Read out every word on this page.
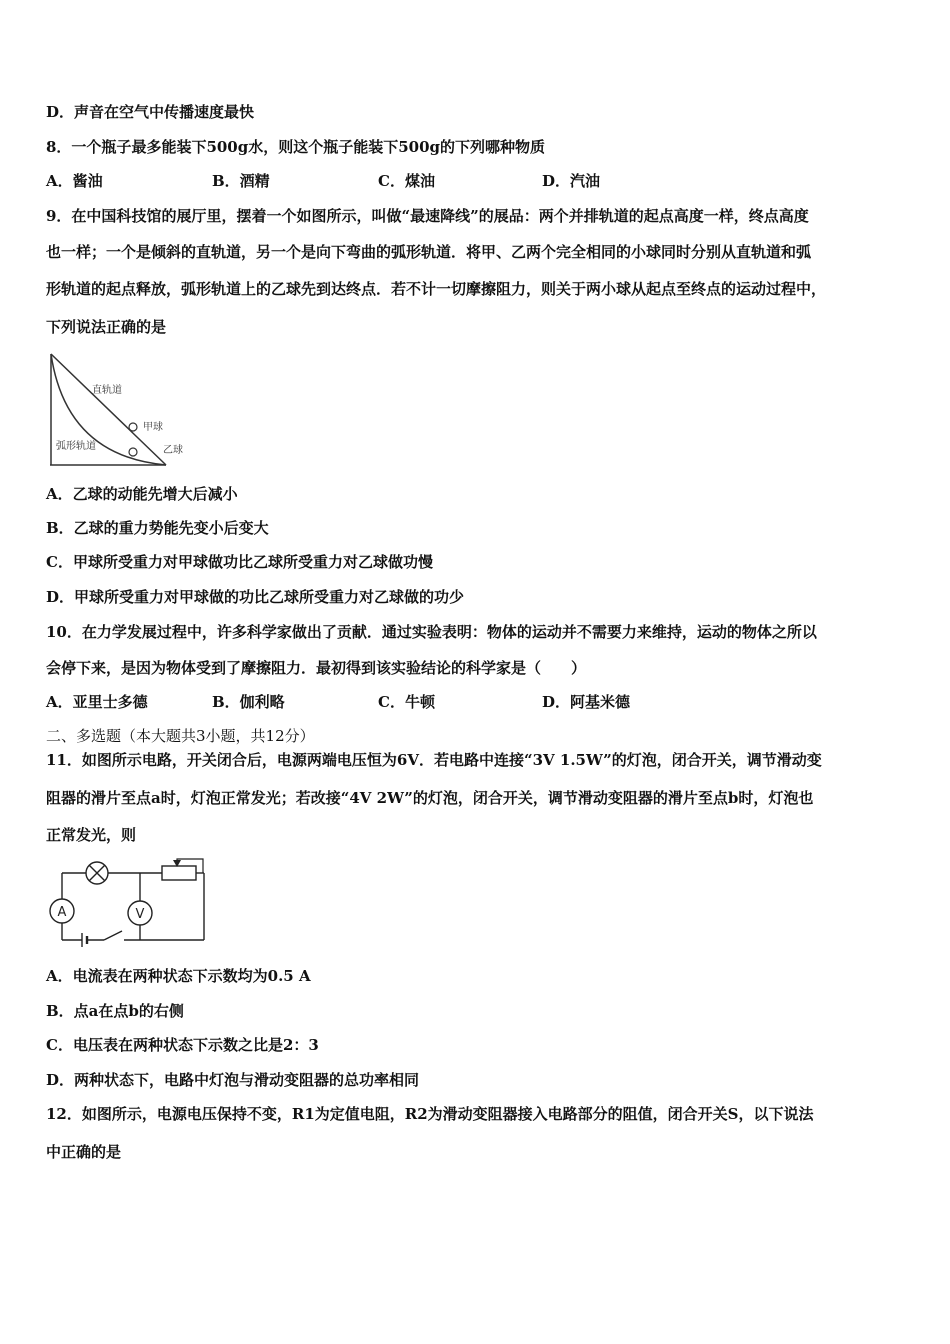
D．声音在空气中传播速度最快
8．一个瓶子最多能装下500g水，则这个瓶子能装下500g的下列哪种物质
A．酱油	B．酒精	C．煤油	D．汽油
9．在中国科技馆的展厅里，摆着一个如图所示，叫做“最速降线”的展品：两个并排轨道的起点高度一样，终点高度
也一样；一个是倾斜的直轨道，另一个是向下弯曲的弧形轨道．将甲、乙两个完全相同的小球同时分别从直轨道和弧
形轨道的起点释放，弧形轨道上的乙球先到达终点．若不计一切摩擦阻力，则关于两小球从起点至终点的运动过程中，
下列说法正确的是
直轨道
甲球
弧形轨道	乙球
A．乙球的动能先增大后减小
B．乙球的重力势能先变小后变大
C．甲球所受重力对甲球做功比乙球所受重力对乙球做功慢
D．甲球所受重力对甲球做的功比乙球所受重力对乙球做的功少
10．在力学发展过程中，许多科学家做出了贡献．通过实验表明：物体的运动并不需要力来维持，运动的物体之所以
会停下来，是因为物体受到了摩擦阻力．最初得到该实验结论的科学家是（　　）
A．亚里士多德	B．伽利略	C．牛顿	D．阿基米德
二、多选题（本大题共3小题，共12分）
11．如图所示电路，开关闭合后，电源两端电压恒为6V．若电路中连接“3V 1.5W”的灯泡，闭合开关，调节滑动变
阻器的滑片至点a时，灯泡正常发光；若改接“4V 2W”的灯泡，闭合开关，调节滑动变阻器的滑片至点b时，灯泡也
正常发光，则
V
A
A．电流表在两种状态下示数均为0.5 A
B．点a在点b的右侧
C．电压表在两种状态下示数之比是2：3
D．两种状态下，电路中灯泡与滑动变阻器的总功率相同
12．如图所示，电源电压保持不变，R1为定值电阻，R2为滑动变阻器接入电路部分的阻值，闭合开关S，以下说法
中正确的是
